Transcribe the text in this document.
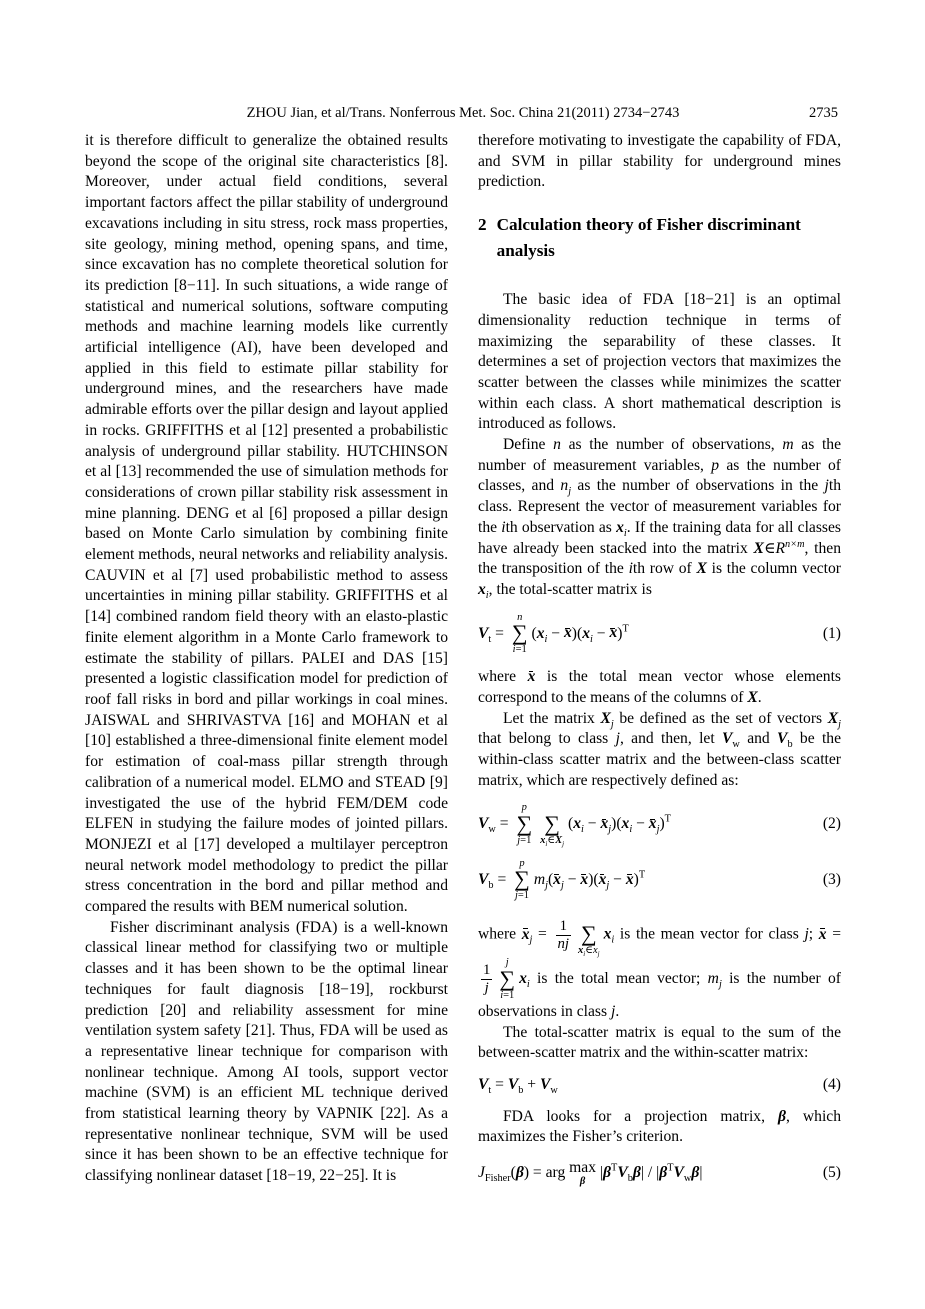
ZHOU Jian, et al/Trans. Nonferrous Met. Soc. China 21(2011) 2734−2743	2735

it is therefore difficult to generalize the obtained results beyond the scope of the original site characteristics [8]. Moreover, under actual field conditions, several important factors affect the pillar stability of underground excavations including in situ stress, rock mass properties, site geology, mining method, opening spans, and time, since excavation has no complete theoretical solution for its prediction [8−11]. In such situations, a wide range of statistical and numerical solutions, software computing methods and machine learning models like currently artificial intelligence (AI), have been developed and applied in this field to estimate pillar stability for underground mines, and the researchers have made admirable efforts over the pillar design and layout applied in rocks. GRIFFITHS et al [12] presented a probabilistic analysis of underground pillar stability. HUTCHINSON et al [13] recommended the use of simulation methods for considerations of crown pillar stability risk assessment in mine planning. DENG et al [6] proposed a pillar design based on Monte Carlo simulation by combining finite element methods, neural networks and reliability analysis. CAUVIN et al [7] used probabilistic method to assess uncertainties in mining pillar stability. GRIFFITHS et al [14] combined random field theory with an elasto-plastic finite element algorithm in a Monte Carlo framework to estimate the stability of pillars. PALEI and DAS [15] presented a logistic classification model for prediction of roof fall risks in bord and pillar workings in coal mines. JAISWAL and SHRIVASTVA [16] and MOHAN et al [10] established a three-dimensional finite element model for estimation of coal-mass pillar strength through calibration of a numerical model. ELMO and STEAD [9] investigated the use of the hybrid FEM/DEM code ELFEN in studying the failure modes of jointed pillars. MONJEZI et al [17] developed a multilayer perceptron neural network model methodology to predict the pillar stress concentration in the bord and pillar method and compared the results with BEM numerical solution.

Fisher discriminant analysis (FDA) is a well-known classical linear method for classifying two or multiple classes and it has been shown to be the optimal linear techniques for fault diagnosis [18−19], rockburst prediction [20] and reliability assessment for mine ventilation system safety [21]. Thus, FDA will be used as a representative linear technique for comparison with nonlinear technique. Among AI tools, support vector machine (SVM) is an efficient ML technique derived from statistical learning theory by VAPNIK [22]. As a representative nonlinear technique, SVM will be used since it has been shown to be an effective technique for classifying nonlinear dataset [18−19, 22−25]. It is

therefore motivating to investigate the capability of FDA, and SVM in pillar stability for underground mines prediction.

2 Calculation theory of Fisher discriminant analysis

The basic idea of FDA [18−21] is an optimal dimensionality reduction technique in terms of maximizing the separability of these classes. It determines a set of projection vectors that maximizes the scatter between the classes while minimizes the scatter within each class. A short mathematical description is introduced as follows.

Define n as the number of observations, m as the number of measurement variables, p as the number of classes, and $n_j$ as the number of observations in the jth class. Represent the vector of measurement variables for the ith observation as $x_i$. If the training data for all classes have already been stacked into the matrix $X\in R^{n\times m}$, then the transposition of the ith row of X is the column vector $x_i$, the total-scatter matrix is

$V_t$ =
n
∑
i=1
$(x_i - x)(x_i - x)^T$	(1)

where x is the total mean vector whose elements correspond to the means of the columns of X.

Let the matrix $X_j$ be defined as the set of vectors $X_j$ that belong to class j, and then, let $V_w$ and $V_b$ be the within-class scatter matrix and the between-class scatter matrix, which are respectively defined as:

$V_w$ =
p
∑
j=1
∑
$x_i\in X_j$
$(x_i - x_j)(x_i - x_j)^T$	(2)
$V_b$ =
p
∑
j=1
$m_j(x_j - x)(x_j - x)^T$	(3)

where $x_j = \frac{1}{nj}$ ∑
$x_i\in x_j$
$x_i$ is the mean vector for class j; x =
$\frac{1}{j}$ j
∑
i=1
$x_i$ is the total mean vector; $m_j$ is the number of observations in class j.

The total-scatter matrix is equal to the sum of the between-scatter matrix and the within-scatter matrix:

$V_t = V_b + V_w$	(4)

FDA looks for a projection matrix, β, which maximizes the Fisher’s criterion.

$J_{Fisher}(\beta)$ = arg max
β
$|\beta^TV_b\beta| / |\beta^TV_w\beta|$	(5)
